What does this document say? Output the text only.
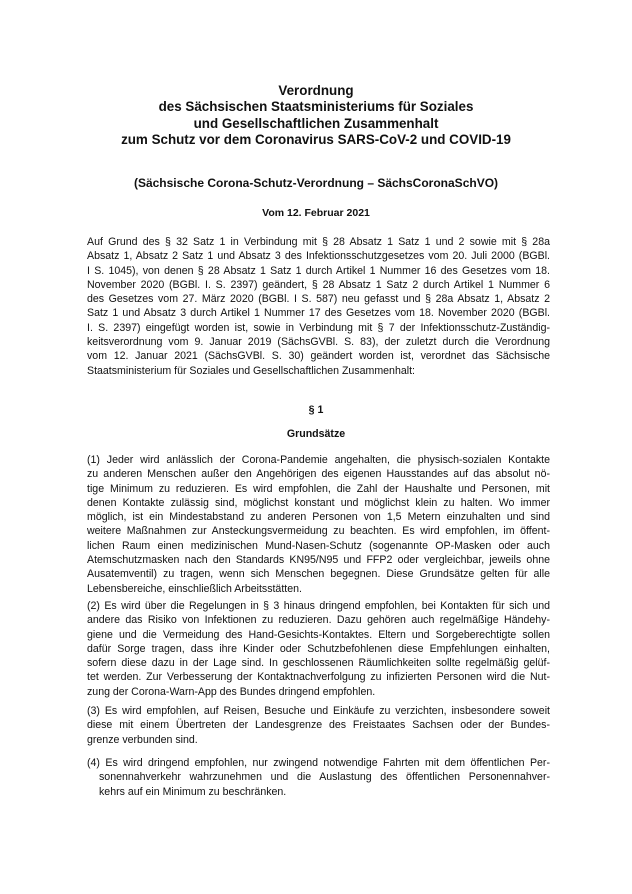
Verordnung
des Sächsischen Staatsministeriums für Soziales
und Gesellschaftlichen Zusammenhalt
zum Schutz vor dem Coronavirus SARS-CoV-2 und COVID-19
(Sächsische Corona-Schutz-Verordnung – SächsCoronaSchVO)
Vom 12. Februar 2021
Auf Grund des § 32 Satz 1 in Verbindung mit § 28 Absatz 1 Satz 1 und 2 sowie mit § 28a
Absatz 1, Absatz 2 Satz 1 und Absatz 3 des Infektionsschutzgesetzes vom 20. Juli 2000 (BGBl.
I S. 1045), von denen § 28 Absatz 1 Satz 1 durch Artikel 1 Nummer 16 des Gesetzes vom 18.
November 2020 (BGBl. I. S. 2397) geändert, § 28 Absatz 1 Satz 2 durch Artikel 1 Nummer 6
des Gesetzes vom 27. März 2020 (BGBl. I S. 587) neu gefasst und § 28a Absatz 1, Absatz 2
Satz 1 und Absatz 3 durch Artikel 1 Nummer 17 des Gesetzes vom 18. November 2020 (BGBl.
I. S. 2397) eingefügt worden ist, sowie in Verbindung mit § 7 der Infektionsschutz-Zuständig-
keitsverordnung vom 9. Januar 2019 (SächsGVBl. S. 83), der zuletzt durch die Verordnung
vom 12. Januar 2021 (SächsGVBl. S. 30) geändert worden ist, verordnet das Sächsische
Staatsministerium für Soziales und Gesellschaftlichen Zusammenhalt:
§ 1
Grundsätze
(1) Jeder wird anlässlich der Corona-Pandemie angehalten, die physisch-sozialen Kontakte
zu anderen Menschen außer den Angehörigen des eigenen Hausstandes auf das absolut nö-
tige Minimum zu reduzieren. Es wird empfohlen, die Zahl der Haushalte und Personen, mit
denen Kontakte zulässig sind, möglichst konstant und möglichst klein zu halten. Wo immer
möglich, ist ein Mindestabstand zu anderen Personen von 1,5 Metern einzuhalten und sind
weitere Maßnahmen zur Ansteckungsvermeidung zu beachten. Es wird empfohlen, im öffent-
lichen Raum einen medizinischen Mund-Nasen-Schutz (sogenannte OP-Masken oder auch
Atemschutzmasken nach den Standards KN95/N95 und FFP2 oder vergleichbar, jeweils ohne
Ausatemventil) zu tragen, wenn sich Menschen begegnen. Diese Grundsätze gelten für alle
Lebensbereiche, einschließlich Arbeitsstätten.
(2) Es wird über die Regelungen in § 3 hinaus dringend empfohlen, bei Kontakten für sich und
andere das Risiko von Infektionen zu reduzieren. Dazu gehören auch regelmäßige Händehy-
giene und die Vermeidung des Hand-Gesichts-Kontaktes. Eltern und Sorgeberechtigte sollen
dafür Sorge tragen, dass ihre Kinder oder Schutzbefohlenen diese Empfehlungen einhalten,
sofern diese dazu in der Lage sind. In geschlossenen Räumlichkeiten sollte regelmäßig gelüf-
tet werden. Zur Verbesserung der Kontaktnachverfolgung zu infizierten Personen wird die Nut-
zung der Corona-Warn-App des Bundes dringend empfohlen.
(3) Es wird empfohlen, auf Reisen, Besuche und Einkäufe zu verzichten, insbesondere soweit
diese mit einem Übertreten der Landesgrenze des Freistaates Sachsen oder der Bundes-
grenze verbunden sind.
(4) Es wird dringend empfohlen, nur zwingend notwendige Fahrten mit dem öffentlichen Per-
sonennahverkehr wahrzunehmen und die Auslastung des öffentlichen Personennahver-
kehrs auf ein Minimum zu beschränken.
